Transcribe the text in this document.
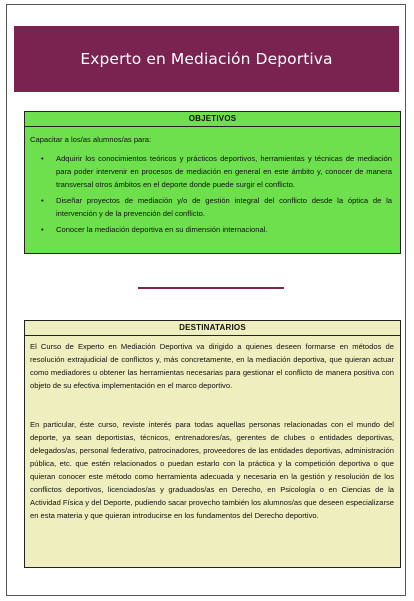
Experto en Mediación Deportiva
OBJETIVOS

Capacitar a los/as alumnos/as para:

• Adquirir los conocimientos teóricos y prácticos deportivos, herramientas y técnicas de mediación para poder intervenir en procesos de mediación en general en este ámbito y, conocer de manera transversal otros ámbitos en el deporte donde puede surgir el conflicto.
• Diseñar proyectos de mediación y/o de gestión integral del conflicto desde la óptica de la intervención y de la prevención del conflicto.
• Conocer la mediación deportiva en su dimensión internacional.
DESTINATARIOS

El Curso de Experto en Mediación Deportiva va dirigido a quienes deseen formarse en métodos de resolución extrajudicial de conflictos y, más concretamente, en la mediación deportiva, que quieran actuar como mediadores u obtener las herramientas necesarias para gestionar el conflicto de manera positiva con objeto de su efectiva implementación en el marco deportivo.

En particular, éste curso, reviste interés para todas aquellas personas relacionadas con el mundo del deporte, ya sean deportistas, técnicos, entrenadores/as, gerentes de clubes o entidades deportivas, delegados/as, personal federativo, patrocinadores, proveedores de las entidades deportivas, administración pública, etc. que estén relacionados o puedan estarlo con la práctica y la competición deportiva o que quieran conocer este método como herramienta adecuada y necesaria en la gestión y resolución de los conflictos deportivos, licenciados/as y graduados/as en Derecho, en Psicología o en Ciencias de la Actividad Física y del Deporte, pudiendo sacar provecho también los alumnos/as que deseen especializarse en esta materia y que quieran introducirse en los fundamentos del Derecho deportivo.
